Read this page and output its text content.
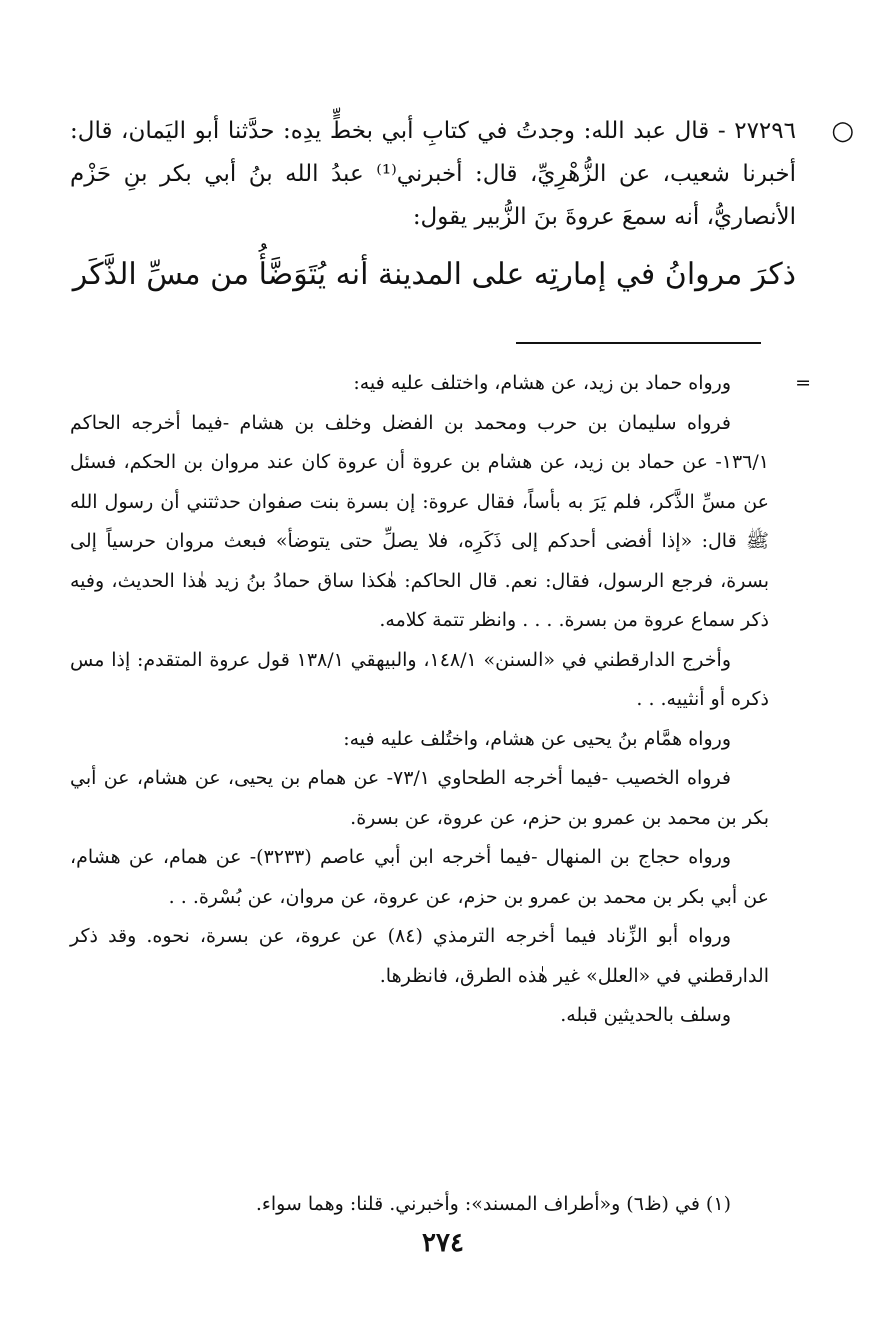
○

٢٧٢٩٦ - قال عبد الله: وجدتُ في كتابِ أبي بخطٍّ يدِه: حدَّثنا أبو اليَمان، قال: أخبرنا شعيب، عن الزُّهْرِيِّ، قال: أخبرني⁽¹⁾ عبدُ الله بنُ أبي بكر بنِ حَزْم الأنصاريُّ، أنه سمعَ عروةَ بنَ الزُّبير يقول:

ذكرَ مروانُ في إمارتِه على المدينة أنه يُتَوَضَّأُ من مسِّ الذَّكَر
=

ورواه حماد بن زيد، عن هشام، واختلف عليه فيه:

فرواه سليمان بن حرب ومحمد بن الفضل وخلف بن هشام -فيما أخرجه الحاكم ١٣٦/١- عن حماد بن زيد، عن هشام بن عروة أن عروة كان عند مروان بن الحكم، فسئل عن مسِّ الذَّكر، فلم يَرَ به بأساً، فقال عروة: إن بسرة بنت صفوان حدثتني أن رسول الله ﷺ قال: «إذا أفضى أحدكم إلى ذَكَرِه، فلا يصلِّ حتى يتوضأ» فبعث مروان حرسياً إلى بسرة، فرجع الرسول، فقال: نعم. قال الحاكم: هٰكذا ساق حمادُ بنُ زيد هٰذا الحديث، وفيه ذكر سماع عروة من بسرة. . . . وانظر تتمة كلامه.

وأخرج الدارقطني في «السنن» ١٤٨/١، والبيهقي ١٣٨/١ قول عروة المتقدم: إذا مس ذكره أو أنثييه. . .

ورواه همَّام بنُ يحيى عن هشام، واختُلف عليه فيه:

فرواه الخصيب -فيما أخرجه الطحاوي ٧٣/١- عن همام بن يحيى، عن هشام، عن أبي بكر بن محمد بن عمرو بن حزم، عن عروة، عن بسرة.

ورواه حجاج بن المنهال -فيما أخرجه ابن أبي عاصم (٣٢٣٣)- عن همام، عن هشام، عن أبي بكر بن محمد بن عمرو بن حزم، عن عروة، عن مروان، عن بُسْرة. . .

ورواه أبو الزِّناد فيما أخرجه الترمذي (٨٤) عن عروة، عن بسرة، نحوه. وقد ذكر الدارقطني في «العلل» غير هٰذه الطرق، فانظرها.

وسلف بالحديثين قبله.

(١) في (ظ٦) و«أطراف المسند»: وأخبرني. قلنا: وهما سواء.
٢٧٤
